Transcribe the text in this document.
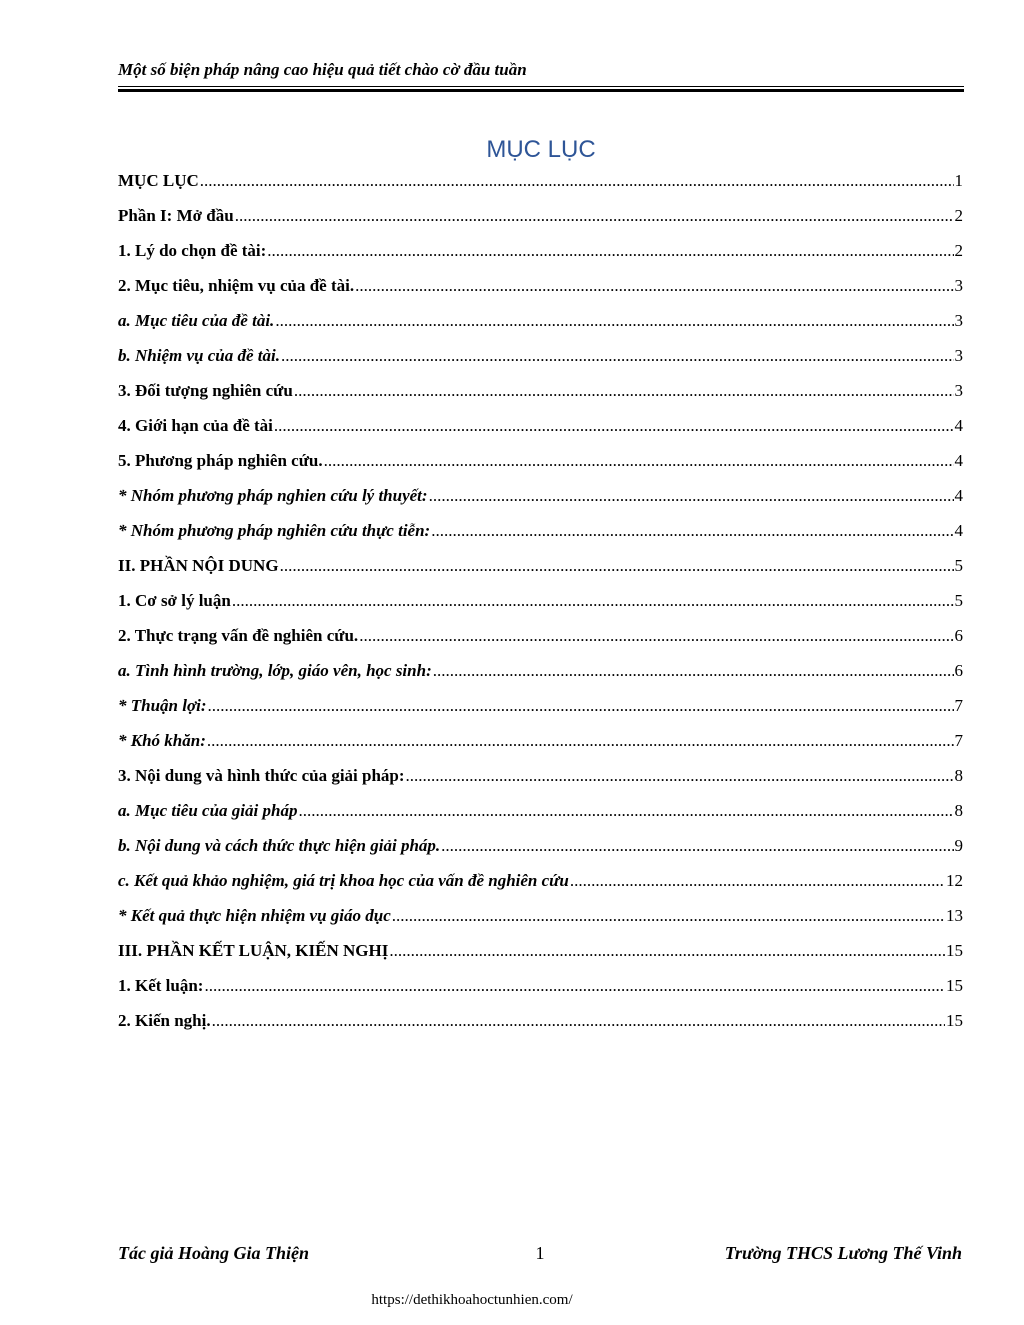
Một số biện pháp nâng cao hiệu quả tiết chào cờ đầu tuần
MỤC LỤC
MỤC LỤC .....	1
Phần I: Mở đầu .....	2
1. Lý do chọn đề tài: .....	2
2. Mục tiêu, nhiệm vụ của đề tài. .....	3
a. Mục tiêu của đề tài. .....	3
b. Nhiệm vụ của đề tài. .....	3
3. Đối tượng nghiên cứu .....	3
4. Giới hạn của đề tài .....	4
5. Phương pháp nghiên cứu. .....	4
* Nhóm phương pháp nghien cứu lý thuyết: .....	4
* Nhóm phương pháp nghiên cứu thực tiễn: .....	4
II. PHẦN NỘI DUNG .....	5
1. Cơ sở lý luận .....	5
2. Thực trạng vấn đề nghiên cứu. .....	6
a. Tình hình trường, lớp, giáo vên, học sinh: .....	6
* Thuận lợi: .....	7
* Khó khăn: .....	7
3. Nội dung và hình thức của giải pháp: .....	8
a. Mục tiêu của giải pháp .....	8
b. Nội dung và cách thức thực hiện giải pháp. .....	9
c. Kết quả khảo nghiệm, giá trị khoa học của vấn đề nghiên cứu .....	12
* Kết quả thực hiện nhiệm vụ giáo dục .....	13
III. PHẦN KẾT LUẬN, KIẾN NGHỊ .....	15
1. Kết luận: .....	15
2. Kiến nghị. .....	15
Tác giả Hoàng Gia Thiện	1	Trường THCS Lương Thế Vinh
https://dethikhoahoctunhien.com/
